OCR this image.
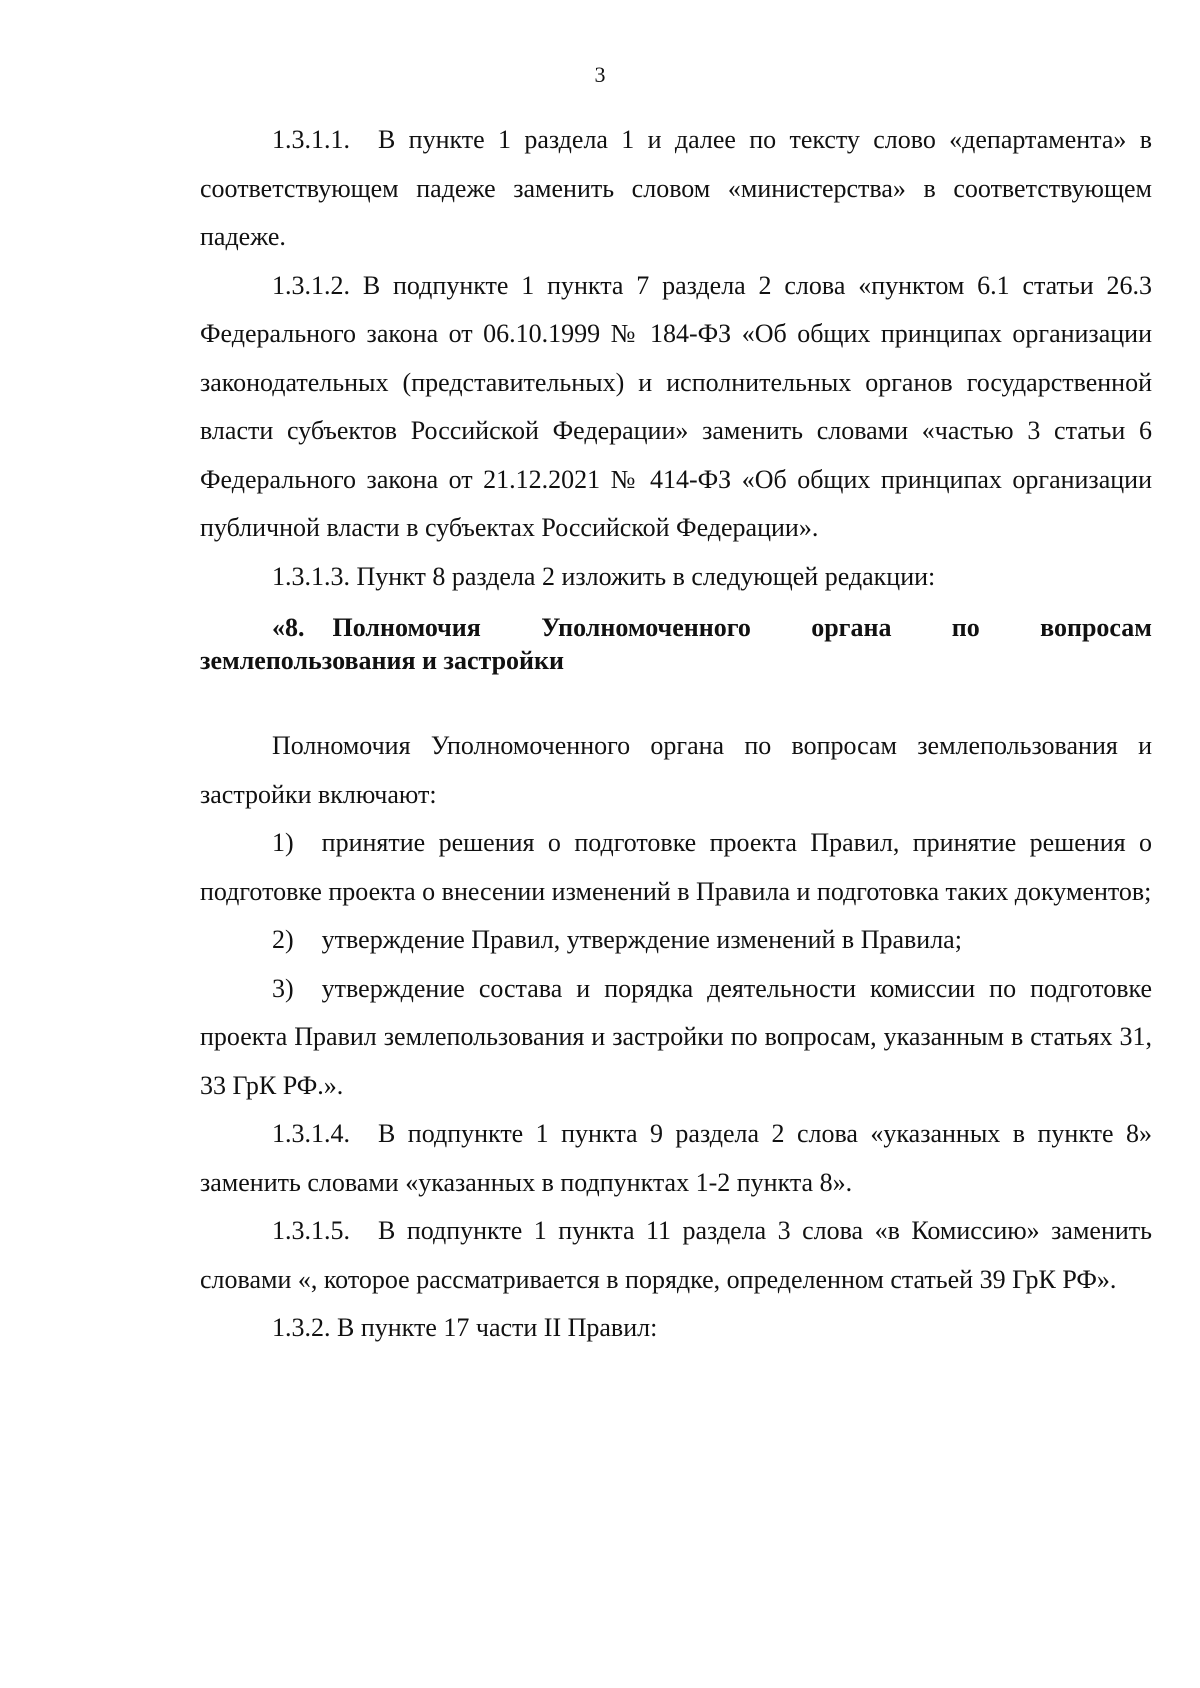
3

1.3.1.1. В пункте 1 раздела 1 и далее по тексту слово «департамента» в соответствующем падеже заменить словом «министерства» в соответствующем падеже.

1.3.1.2. В подпункте 1 пункта 7 раздела 2 слова «пунктом 6.1 статьи 26.3 Федерального закона от 06.10.1999 № 184-ФЗ «Об общих принципах организации законодательных (представительных) и исполнительных органов государственной власти субъектов Российской Федерации» заменить словами «частью 3 статьи 6 Федерального закона от 21.12.2021 № 414-ФЗ «Об общих принципах организации публичной власти в субъектах Российской Федерации».

1.3.1.3. Пункт 8 раздела 2 изложить в следующей редакции:

«8. Полномочия Уполномоченного органа по вопросам землепользования и застройки

Полномочия Уполномоченного органа по вопросам землепользования и застройки включают:

1) принятие решения о подготовке проекта Правил, принятие решения о подготовке проекта о внесении изменений в Правила и подготовка таких документов;

2) утверждение Правил, утверждение изменений в Правила;

3) утверждение состава и порядка деятельности комиссии по подготовке проекта Правил землепользования и застройки по вопросам, указанным в статьях 31, 33 ГрК РФ.».

1.3.1.4. В подпункте 1 пункта 9 раздела 2 слова «указанных в пункте 8» заменить словами «указанных в подпунктах 1-2 пункта 8».

1.3.1.5. В подпункте 1 пункта 11 раздела 3 слова «в Комиссию» заменить словами «, которое рассматривается в порядке, определенном статьей 39 ГрК РФ».

1.3.2. В пункте 17 части II Правил:
